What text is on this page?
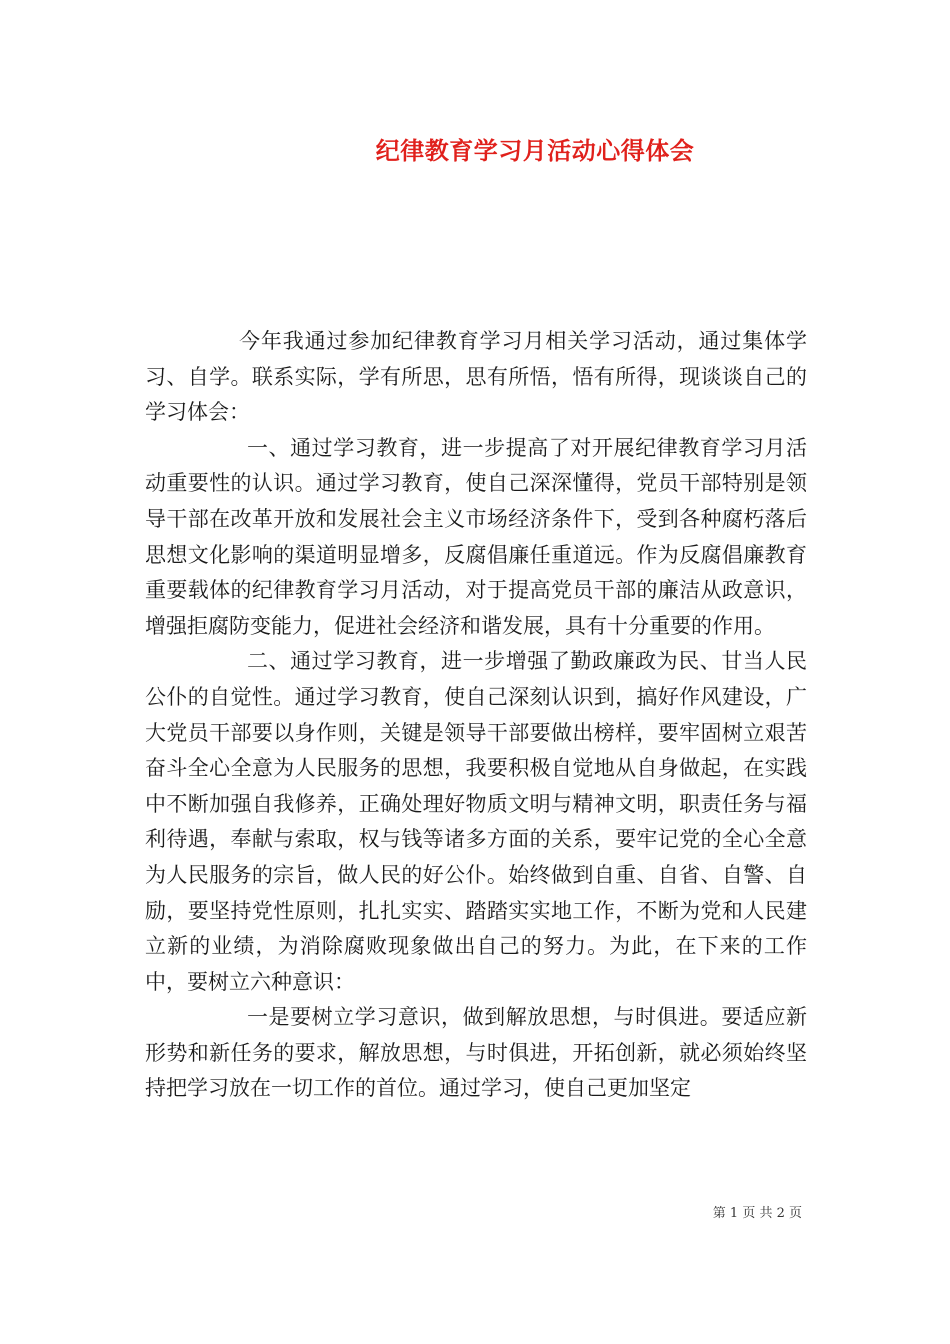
纪律教育学习月活动心得体会

今年我通过参加纪律教育学习月相关学习活动，通过集体学习、自学。联系实际，学有所思，思有所悟，悟有所得，现谈谈自己的学习体会：

一、通过学习教育，进一步提高了对开展纪律教育学习月活动重要性的认识。通过学习教育，使自己深深懂得，党员干部特别是领导干部在改革开放和发展社会主义市场经济条件下，受到各种腐朽落后思想文化影响的渠道明显增多，反腐倡廉任重道远。作为反腐倡廉教育重要载体的纪律教育学习月活动，对于提高党员干部的廉洁从政意识，增强拒腐防变能力，促进社会经济和谐发展，具有十分重要的作用。

二、通过学习教育，进一步增强了勤政廉政为民、甘当人民公仆的自觉性。通过学习教育，使自己深刻认识到，搞好作风建设，广大党员干部要以身作则，关键是领导干部要做出榜样，要牢固树立艰苦奋斗全心全意为人民服务的思想，我要积极自觉地从自身做起，在实践中不断加强自我修养，正确处理好物质文明与精神文明，职责任务与福利待遇，奉献与索取，权与钱等诸多方面的关系，要牢记党的全心全意为人民服务的宗旨，做人民的好公仆。始终做到自重、自省、自警、自励，要坚持党性原则，扎扎实实、踏踏实实地工作，不断为党和人民建立新的业绩，为消除腐败现象做出自己的努力。为此，在下来的工作中，要树立六种意识：

一是要树立学习意识，做到解放思想，与时俱进。要适应新形势和新任务的要求，解放思想，与时俱进，开拓创新，就必须始终坚持把学习放在一切工作的首位。通过学习，使自己更加坚定

第 1 页 共 2 页
